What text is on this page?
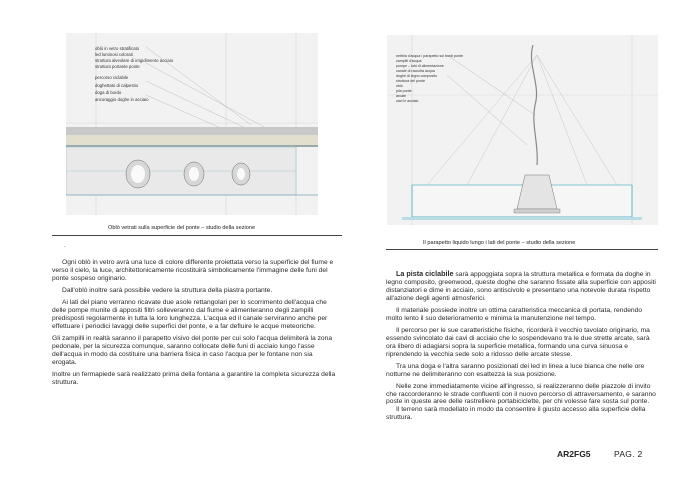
oblò in vetro stratificato
led luminosi colorati
struttura alveolare di irrigidimento acciaio
struttura portante ponte
percorso ciclabile
doghettato di calpestio
doga di bordo
ancoraggio doghe in acciaio
Oblò vetrati sulla superficie del ponte – studio della sezione
.

Ogni oblò in vetro avrà una luce di colore differente proiettata verso la superficie del fiume e verso il cielo, la luce, architettonicamente ricostituirà simbolicamente l'immagine delle funi del ponte sospeso originario.

Dall'oblò inoltre sarà possibile vedere la struttura della piastra portante.

Ai lati del piano verranno ricavate due asole rettangolari per lo scorrimento dell'acqua che delle pompe munite di appositi filtri solleveranno dal fiume e alimenteranno degli zampilli predisposti regolarmente in tutta la loro lunghezza. L'acqua ed il canale serviranno anche per effettuare i periodici lavaggi delle superfici del ponte, e a far defluire le acque meteoriche.

Gli zampilli in realtà saranno il parapetto visivo del ponte per cui solo l'acqua delimiterà la zona pedonale, per la sicurezza comunque, saranno collocate delle funi di acciaio lungo l'asse dell'acqua in modo da costituire una barriera fisica in caso l'acqua per le fontane non sia erogata.

Inoltre un fermapiede sarà realizzato prima della fontana a garantire la completa sicurezza della struttura.

nebbia d'acqua / parapetto sui bordi ponte
zampilli d'acqua
pompe – tubi di alimentazione
canale di raccolta acqua
doghe di legno composito
struttura del ponte
oblò
pila ponte
arcate
cavi in acciaio
Il parapetto liquido lungo i lati del ponte – studio della sezione

La pista ciclabile sarà appoggiata sopra la struttura metallica e formata da doghe in legno composito, greenwood, queste doghe che saranno fissate alla superficie con appositi distanziatori e dime in acciaio, sono antiscivolo e presentano una notevole durata rispetto all'azione degli agenti atmosferici.

Il materiale possiede inoltre un ottima caratteristica meccanica di portata, rendendo molto lento il suo deterioramento e minima la manutenzione nel tempo.

Il percorso per le sue caratteristiche fisiche, ricorderà il vecchio tavolato originario, ma essendo svincolato dai cavi di acciaio che lo sospendevano tra le due strette arcate, sarà ora libero di adagiarsi sopra la superficie metallica, formando una curva sinuosa e riprendendo la vecchia sede solo a ridosso delle arcate stesse.

Tra una doga e l'altra saranno posizionati dei led in linea a luce bianca che nelle ore notturne ne delimiteranno con esattezza la sua posizione.

Nelle zone immediatamente vicine all'ingresso, si realizzeranno delle piazzole di invito che raccorderanno le strade confluenti con il nuovo percorso di attraversamento, e saranno poste in queste aree delle rastrelliere portabiciclette, per chi volesse fare sosta sul ponte.

Il terreno sarà modellato in modo da consentire il giusto accesso alla superficie della struttura.

AR2FG5	PAG. 2
